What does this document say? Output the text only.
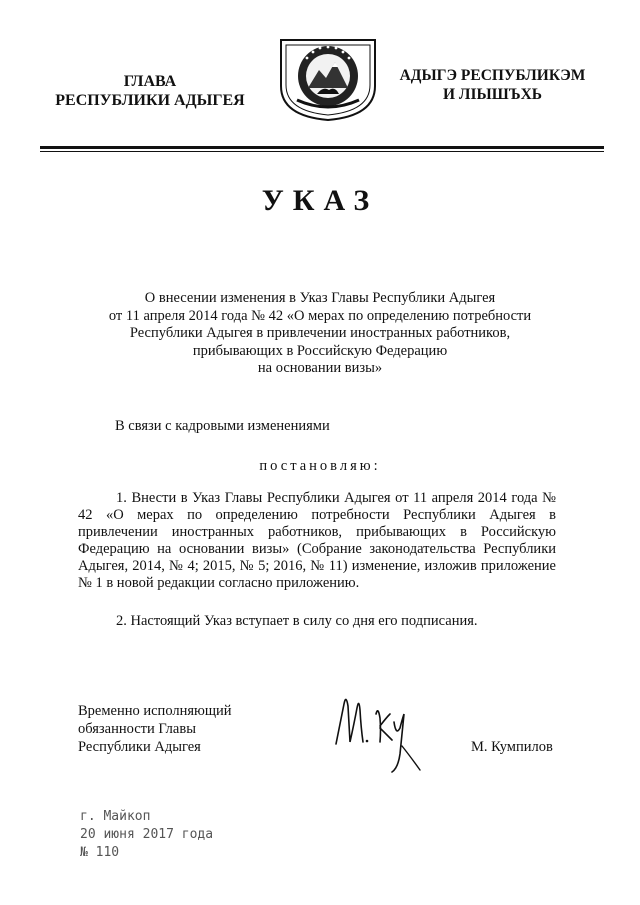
ГЛАВА
РЕСПУБЛИКИ АДЫГЕЯ
АДЫГЭ РЕСПУБЛИКЭМ
И ЛІЫШЪХЬ
УКАЗ
О внесении изменения в Указ Главы Республики Адыгея
от 11 апреля 2014 года № 42 «О мерах по определению потребности
Республики Адыгея в привлечении иностранных работников,
прибывающих в Российскую Федерацию
на основании визы»
В связи с кадровыми изменениями
постановляю:
1. Внести в Указ Главы Республики Адыгея от 11 апреля 2014 года № 42 «О мерах по определению потребности Республики Адыгея в привлечении иностранных работников, прибывающих в Российскую Федерацию на основании визы» (Собрание законодательства Республики Адыгея, 2014, № 4; 2015, № 5; 2016, № 11) изменение, изложив приложение № 1 в новой редакции согласно приложению.
2. Настоящий Указ вступает в силу со дня его подписания.
Временно исполняющий
обязанности Главы
Республики Адыгея	М. Кумпилов
г. Майкоп
20 июня 2017 года
№ 110
